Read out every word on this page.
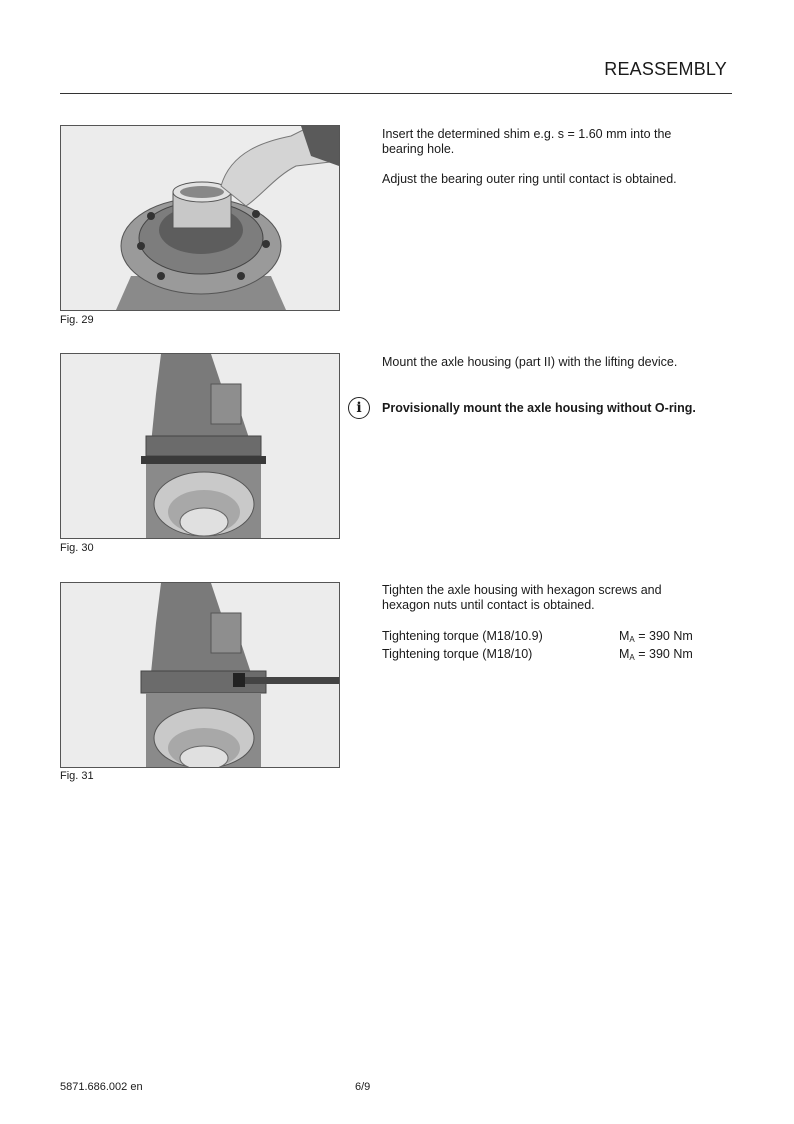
REASSEMBLY
Fig. 29

Insert the determined shim e.g. s = 1.60 mm into the bearing hole.

Adjust the bearing outer ring until contact is obtained.

Fig. 30

Mount the axle housing (part II) with the lifting device.

i	Provisionally mount the axle housing without O-ring.
Fig. 31

Tighten the axle housing with hexagon screws and hexagon nuts until contact is obtained.

Tightening torque (M18/10.9)	MA = 390 Nm
Tightening torque (M18/10)	MA = 390 Nm
5871.686.002 en	6/9
